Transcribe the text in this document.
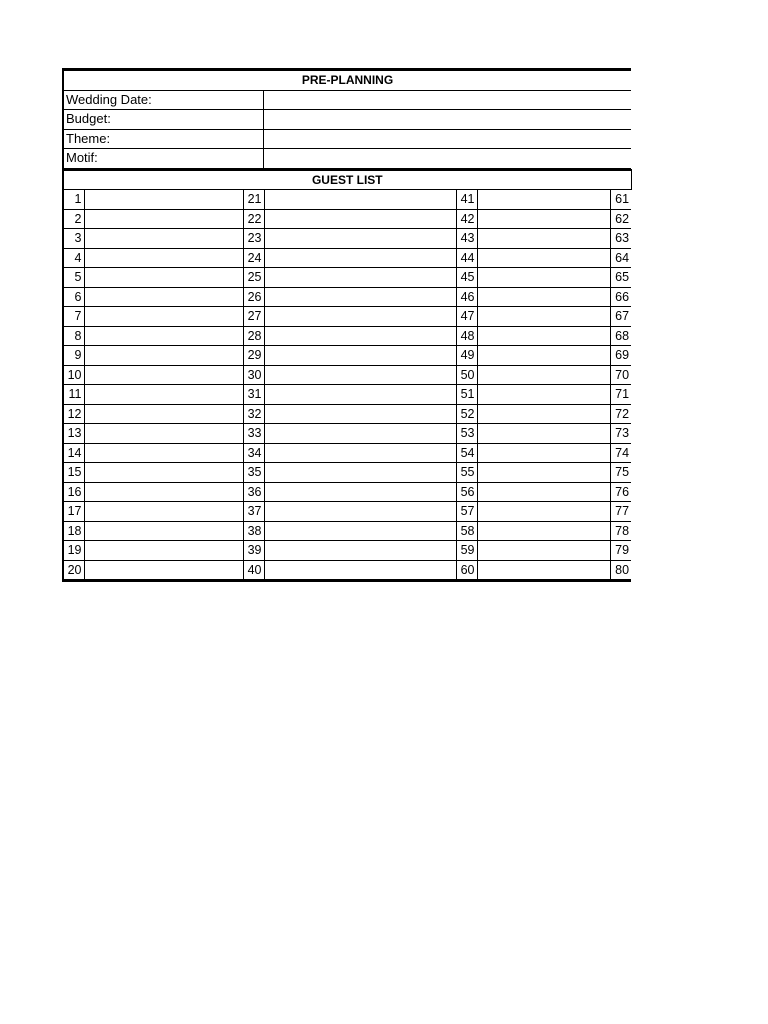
PRE-PLANNING	
Wedding Date:	
Budget:	
Theme:	
Motif:	
GUEST LIST						
1		21		41		61
2		22		42		62
3		23		43		63
4		24		44		64
5		25		45		65
6		26		46		66
7		27		47		67
8		28		48		68
9		29		49		69
10		30		50		70
11		31		51		71
12		32		52		72
13		33		53		73
14		34		54		74
15		35		55		75
16		36		56		76
17		37		57		77
18		38		58		78
19		39		59		79
20		40		60		80
